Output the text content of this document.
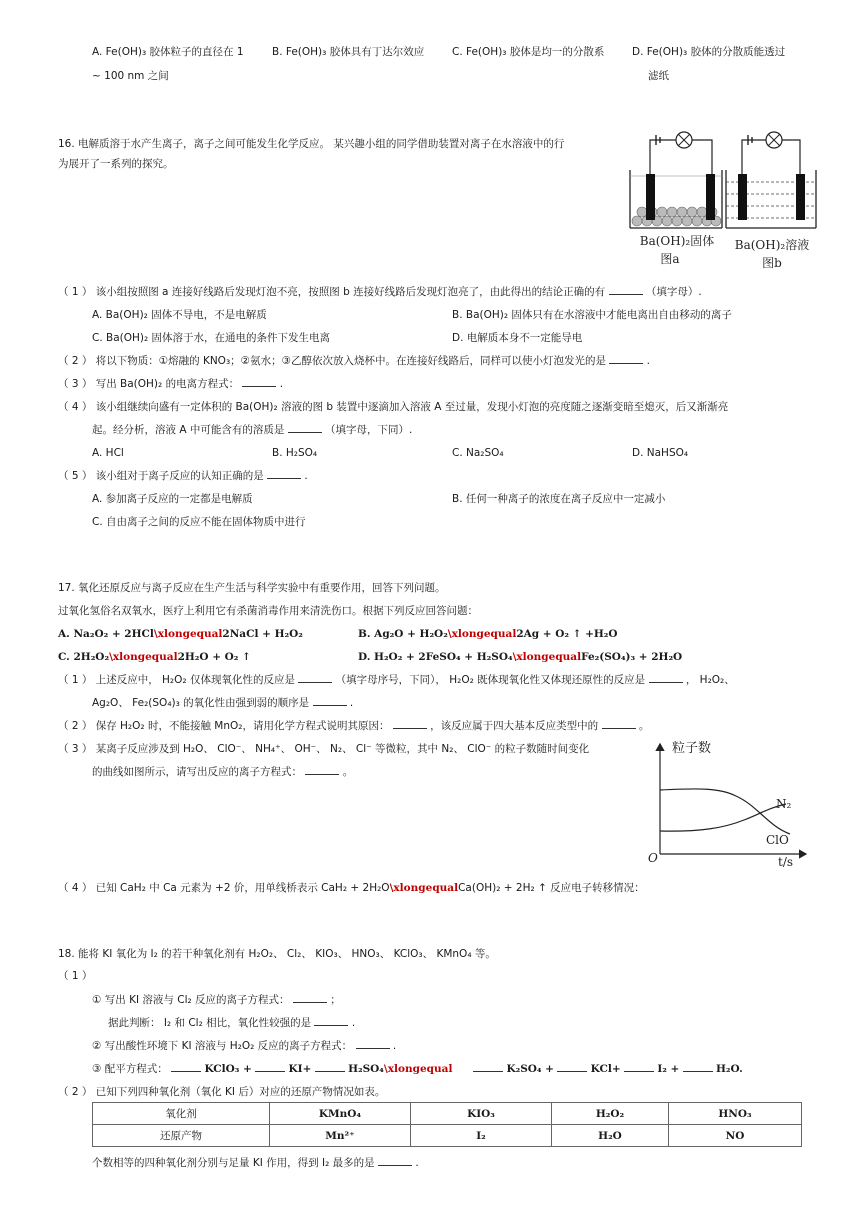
A. Fe(OH)₃ 胶体粒子的直径在 1
~ 100 nm 之间
B. Fe(OH)₃ 胶体具有丁达尔效应	C. Fe(OH)₃ 胶体是均一的分散系	D. Fe(OH)₃ 胶体的分散质能透过
滤纸
16. 电解质溶于水产生离子，离子之间可能发生化学反应。 某兴趣小组的同学借助装置对离子在水溶液中的行
为展开了一系列的探究。
Ba(OH)₂固体
图a
Ba(OH)₂溶液
图b
（ 1 ） 该小组按照图 a 连接好线路后发现灯泡不亮，按照图 b 连接好线路后发现灯泡亮了，由此得出的结论正确的有	（填字母）.
A. Ba(OH)₂ 固体不导电，不是电解质	B. Ba(OH)₂ 固体只有在水溶液中才能电离出自由移动的离子
C. Ba(OH)₂ 固体溶于水，在通电的条件下发生电离	D. 电解质本身不一定能导电
（ 2 ） 将以下物质：①熔融的 KNO₃；②氨水；③乙醇依次放入烧杯中。在连接好线路后，同样可以使小灯泡发光的是	.
（ 3 ） 写出 Ba(OH)₂ 的电离方程式：	.
（ 4 ） 该小组继续向盛有一定体积的 Ba(OH)₂ 溶液的图 b 装置中逐滴加入溶液 A 至过量，发现小灯泡的亮度随之逐渐变暗至熄灭，后又渐渐亮
起。经分析，溶液 A 中可能含有的溶质是	（填字母，下同）.
A. HCl	B. H₂SO₄	C. Na₂SO₄	D. NaHSO₄
（ 5 ） 该小组对于离子反应的认知正确的是	.
A. 参加离子反应的一定都是电解质	B. 任何一种离子的浓度在离子反应中一定减小
C. 自由离子之间的反应不能在固体物质中进行
17. 氧化还原反应与离子反应在生产生活与科学实验中有重要作用，回答下列问题。
过氧化氢俗名双氧水，医疗上利用它有杀菌消毒作用来清洗伤口。根据下列反应回答问题：
A. Na₂O₂ + 2HCl\xlongequal2NaCl + H₂O₂	B. Ag₂O + H₂O₂\xlongequal2Ag + O₂ ↑ +H₂O
C. 2H₂O₂\xlongequal2H₂O + O₂ ↑	D. H₂O₂ + 2FeSO₄ + H₂SO₄\xlongequalFe₂(SO₄)₃ + 2H₂O
（ 1 ） 上述反应中， H₂O₂ 仅体现氧化性的反应是	（填字母序号，下同）， H₂O₂ 既体现氧化性又体现还原性的反应是	， H₂O₂、
Ag₂O、 Fe₂(SO₄)₃ 的氧化性由强到弱的顺序是	.
（ 2 ） 保存 H₂O₂ 时，不能接触 MnO₂，请用化学方程式说明其原因：	，该反应属于四大基本反应类型中的	。
（ 3 ） 某离子反应涉及到 H₂O、 ClO⁻、 NH₄⁺、 OH⁻、 N₂、 Cl⁻ 等微粒，其中 N₂、 ClO⁻ 的粒子数随时间变化
的曲线如图所示，请写出反应的离子方程式：	。
粒子数
O	t/s
N₂
ClO
（ 4 ） 已知 CaH₂ 中 Ca 元素为 +2 价，用单线桥表示 CaH₂ + 2H₂O\xlongequalCa(OH)₂ + 2H₂ ↑ 反应电子转移情况：
18. 能将 KI 氧化为 I₂ 的若干种氧化剂有 H₂O₂、 Cl₂、 KIO₃、 HNO₃、 KClO₃、 KMnO₄ 等。
（ 1 ）
① 写出 KI 溶液与 Cl₂ 反应的离子方程式：	；
据此判断： I₂ 和 Cl₂ 相比，氧化性较强的是	.
② 写出酸性环境下 KI 溶液与 H₂O₂ 反应的离子方程式：	.
③ 配平方程式：	KClO₃ +	KI+	H₂SO₄\xlongequal	K₂SO₄ +	KCl+	I₂ +	H₂O.
（ 2 ） 已知下列四种氧化剂（氧化 KI 后）对应的还原产物情况如表。
氧化剂	KMnO₄	KIO₃	H₂O₂	HNO₃
还原产物	Mn²⁺	I₂	H₂O	NO
个数相等的四种氧化剂分别与足量 KI 作用，得到 I₂ 最多的是	.
